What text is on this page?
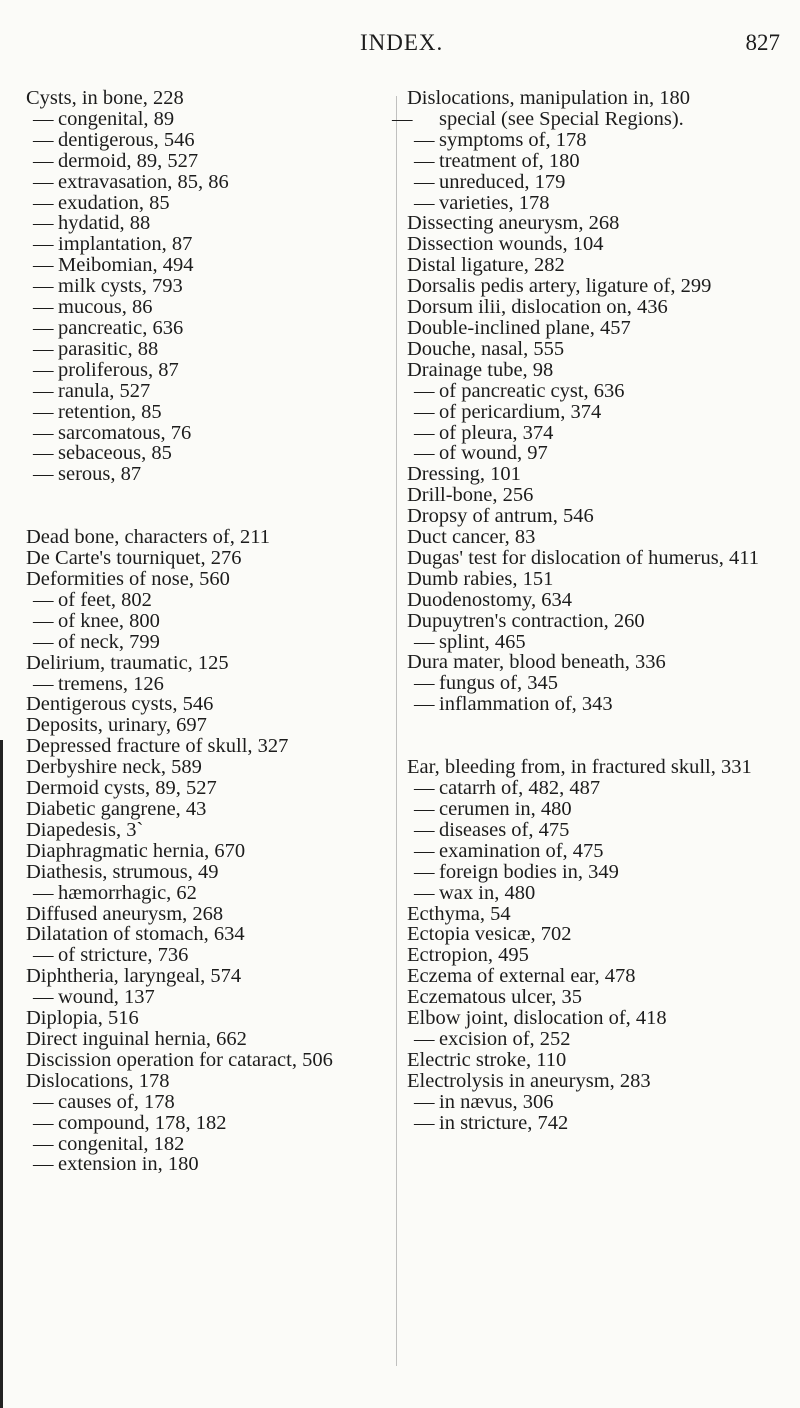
INDEX.	827
Cysts, in bone, 228
— congenital, 89
— dentigerous, 546
— dermoid, 89, 527
— extravasation, 85, 86
— exudation, 85
— hydatid, 88
— implantation, 87
— Meibomian, 494
— milk cysts, 793
— mucous, 86
— pancreatic, 636
— parasitic, 88
— proliferous, 87
— ranula, 527
— retention, 85
— sarcomatous, 76
— sebaceous, 85
— serous, 87
Dead bone, characters of, 211
De Carte's tourniquet, 276
Deformities of nose, 560
— of feet, 802
— of knee, 800
— of neck, 799
Delirium, traumatic, 125
— tremens, 126
Dentigerous cysts, 546
Deposits, urinary, 697
Depressed fracture of skull, 327
Derbyshire neck, 589
Dermoid cysts, 89, 527
Diabetic gangrene, 43
Diapedesis, 3`
Diaphragmatic hernia, 670
Diathesis, strumous, 49
— hæmorrhagic, 62
Diffused aneurysm, 268
Dilatation of stomach, 634
— of stricture, 736
Diphtheria, laryngeal, 574
— wound, 137
Diplopia, 516
Direct inguinal hernia, 662
Discission operation for cataract, 506
Dislocations, 178
— causes of, 178
— compound, 178, 182
— congenital, 182
— extension in, 180
Dislocations, manipulation in, 180
— special (see Special Regions).
— symptoms of, 178
— treatment of, 180
— unreduced, 179
— varieties, 178
Dissecting aneurysm, 268
Dissection wounds, 104
Distal ligature, 282
Dorsalis pedis artery, ligature of, 299
Dorsum ilii, dislocation on, 436
Double-inclined plane, 457
Douche, nasal, 555
Drainage tube, 98
— of pancreatic cyst, 636
— of pericardium, 374
— of pleura, 374
— of wound, 97
Dressing, 101
Drill-bone, 256
Dropsy of antrum, 546
Duct cancer, 83
Dugas' test for dislocation of humerus, 411
Dumb rabies, 151
Duodenostomy, 634
Dupuytren's contraction, 260
— splint, 465
Dura mater, blood beneath, 336
— fungus of, 345
— inflammation of, 343
Ear, bleeding from, in fractured skull, 331
— catarrh of, 482, 487
— cerumen in, 480
— diseases of, 475
— examination of, 475
— foreign bodies in, 349
— wax in, 480
Ecthyma, 54
Ectopia vesicæ, 702
Ectropion, 495
Eczema of external ear, 478
Eczematous ulcer, 35
Elbow joint, dislocation of, 418
— excision of, 252
Electric stroke, 110
Electrolysis in aneurysm, 283
— in nævus, 306
— in stricture, 742
